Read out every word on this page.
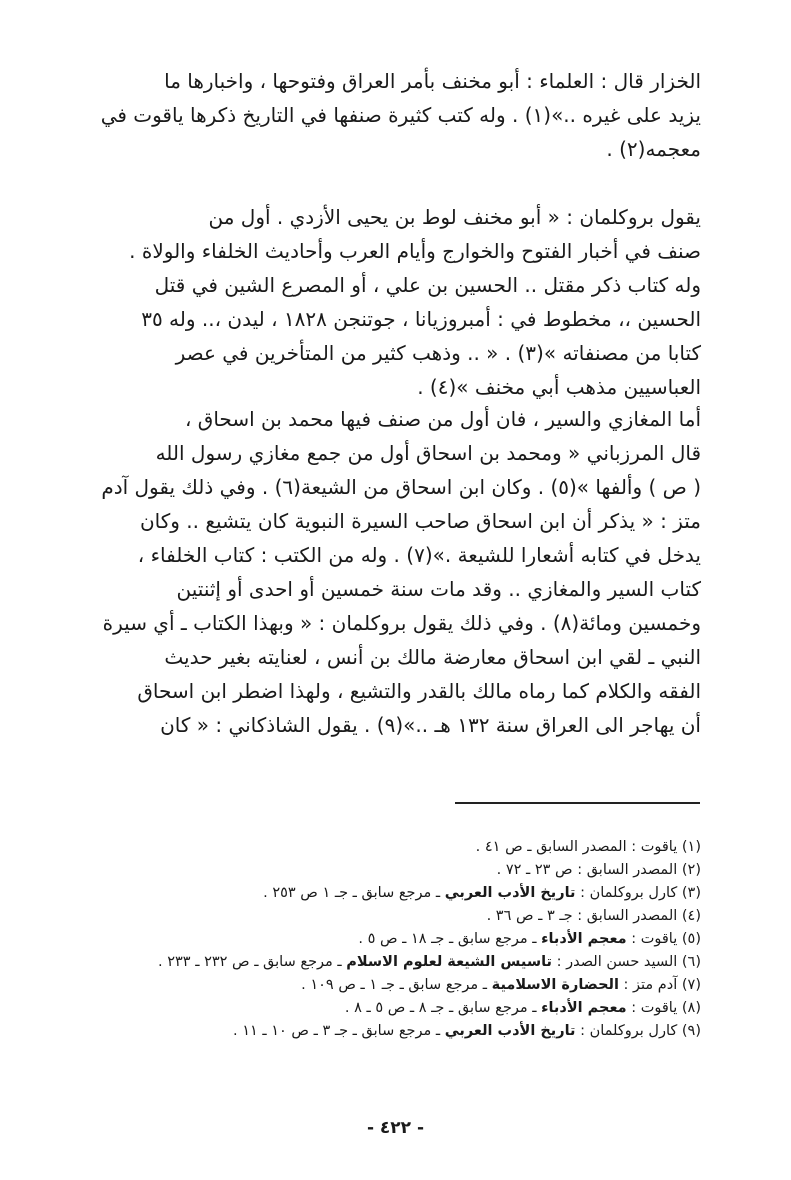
الخزار قال : العلماء : أبو مخنف بأمر العراق وفتوحها ، واخبارها ما

يزيد على غيره ..»(١) . وله كتب كثيرة صنفها في التاريخ ذكرها ياقوت في

معجمه(٢) .

يقول بروكلمان : « أبو مخنف لوط بن يحيى الأزدي . أول من

صنف في أخبار الفتوح والخوارج وأيام العرب وأحاديث الخلفاء والولاة .

وله كتاب ذكر مقتل .. الحسين بن علي ، أو المصرع الشين في قتل

الحسين ،، مخطوط في : أمبروزيانا ، جوتنجن ١٨٢٨ ، ليدن ،.. وله ٣٥

كتابا من مصنفاته »(٣) . « .. وذهب كثير من المتأخرين في عصر

العباسيين مذهب أبي مخنف »(٤) .

أما المغازي والسير ، فان أول من صنف فيها محمد بن اسحاق ،

قال المرزباني « ومحمد بن اسحاق أول من جمع مغازي رسول الله

( ص ) وألفها »(٥) . وكان ابن اسحاق من الشيعة(٦) . وفي ذلك يقول آدم

متز : « يذكر أن ابن اسحاق صاحب السيرة النبوية كان يتشيع .. وكان

يدخل في كتابه أشعارا للشيعة .»(٧) . وله من الكتب : كتاب الخلفاء ،

كتاب السير والمغازي .. وقد مات سنة خمسين أو احدى أو إثنتين

وخمسين ومائة(٨) . وفي ذلك يقول بروكلمان : « وبهذا الكتاب ـ أي سيرة

النبي ـ لقي ابن اسحاق معارضة مالك بن أنس ، لعنايته بغير حديث

الفقه والكلام كما رماه مالك بالقدر والتشيع ، ولهذا اضطر ابن اسحاق

أن يهاجر الى العراق سنة ١٣٢ هـ ..»(٩) . يقول الشاذكاني : « كان

(١) ياقوت : المصدر السابق ـ ص ٤١ .
(٢) المصدر السابق : ص ٢٣ ـ ٧٢ .
(٣) كارل بروكلمان : تاريخ الأدب العربي ـ مرجع سابق ـ جـ ١ ص ٢٥٣ .
(٤) المصدر السابق : جـ ٣ ـ ص ٣٦ .
(٥) ياقوت : معجم الأدباء ـ مرجع سابق ـ جـ ١٨ ـ ص ٥ .
(٦) السيد حسن الصدر : تاسيس الشيعة لعلوم الاسلام ـ مرجع سابق ـ ص ٢٣٢ ـ ٢٣٣ .
(٧) آدم متز : الحضارة الاسلامية ـ مرجع سابق ـ جـ ١ ـ ص ١٠٩ .
(٨) ياقوت : معجم الأدباء ـ مرجع سابق ـ جـ ٨ ـ ص ٥ ـ ٨ .
(٩) كارل بروكلمان : تاريخ الأدب العربي ـ مرجع سابق ـ جـ ٣ ـ ص ١٠ ـ ١١ .
- ٤٢٢ -
